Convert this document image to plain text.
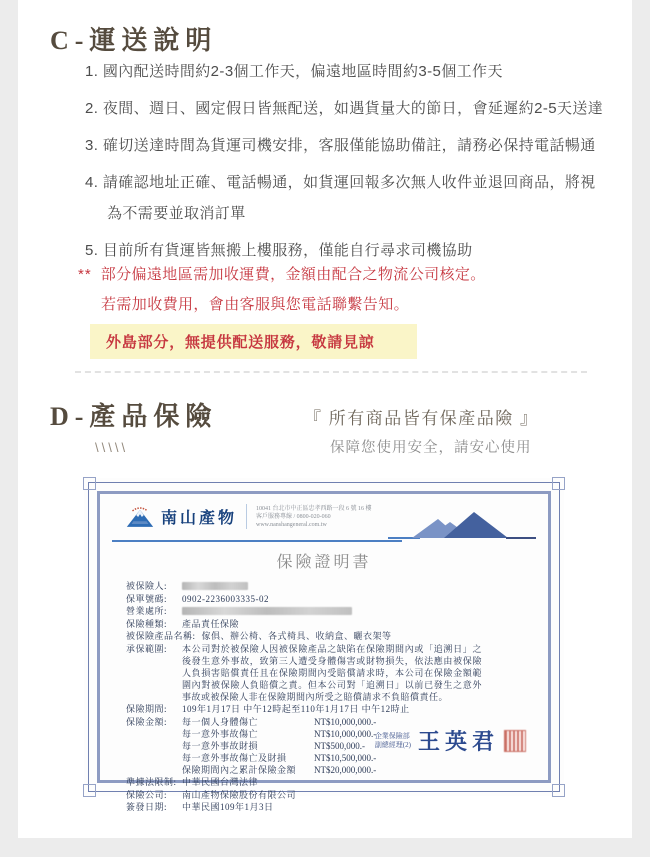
C-運送說明
1. 國內配送時間約2-3個工作天，偏遠地區時間約3-5個工作天
2. 夜間、週日、國定假日皆無配送，如遇貨量大的節日，會延遲約2-5天送達
3. 確切送達時間為貨運司機安排，客服僅能協助備註，請務必保持電話暢通
4. 請確認地址正確、電話暢通，如貨運回報多次無人收件並退回商品，將視為不需要並取消訂單
5. 目前所有貨運皆無搬上樓服務，僅能自行尋求司機協助
** 部分偏遠地區需加收運費，金額由配合之物流公司核定。
若需加收費用，會由客服與您電話聯繫告知。
外島部分，無提供配送服務，敬請見諒
D-產品保險
\\\\\
『 所有商品皆有保產品險 』
保障您使用安全，請安心使用
南山產物
10041 台北市中正區忠孝西路一段 6 號 16 樓
客戶服務專線 / 0800-020-060
www.nanshangeneral.com.tw
保險證明書
被保險人:
保單號碼:	0902-2236003335-02
營業處所:
保險種類:	產品責任保險
被保險產品名稱: 傢俱、辦公椅、各式椅具、收納盒、曬衣架等
承保範圍:	本公司對於被保險人因被保險產品之缺陷在保險期間內或「追溯日」之後發生意外事故，致第三人遭受身體傷害或財物損失，依法應由被保險人負損害賠償責任且在保險期間內受賠償請求時，本公司在保險金額範圍內對被保險人負賠償之責。但本公司對「追溯日」以前已發生之意外事故或被保險人非在保險期間內所受之賠償請求不負賠償責任。
保險期間:	109年1月17日 中午12時起至110年1月17日 中午12時止
保險金額:	每一個人身體傷亡	NT$10,000,000.-
每一意外事故傷亡	NT$10,000,000.-
每一意外事故財損	NT$500,000.-
每一意外事故傷亡及財損	NT$10,500,000.-
保險期間內之累計保險金額	NT$20,000,000.-
準據法限制: 中華民國台灣法律
保險公司:	南山產物保險股份有限公司
簽發日期:	中華民國109年1月3日
企業保險部
副總經理(2) 王英君
